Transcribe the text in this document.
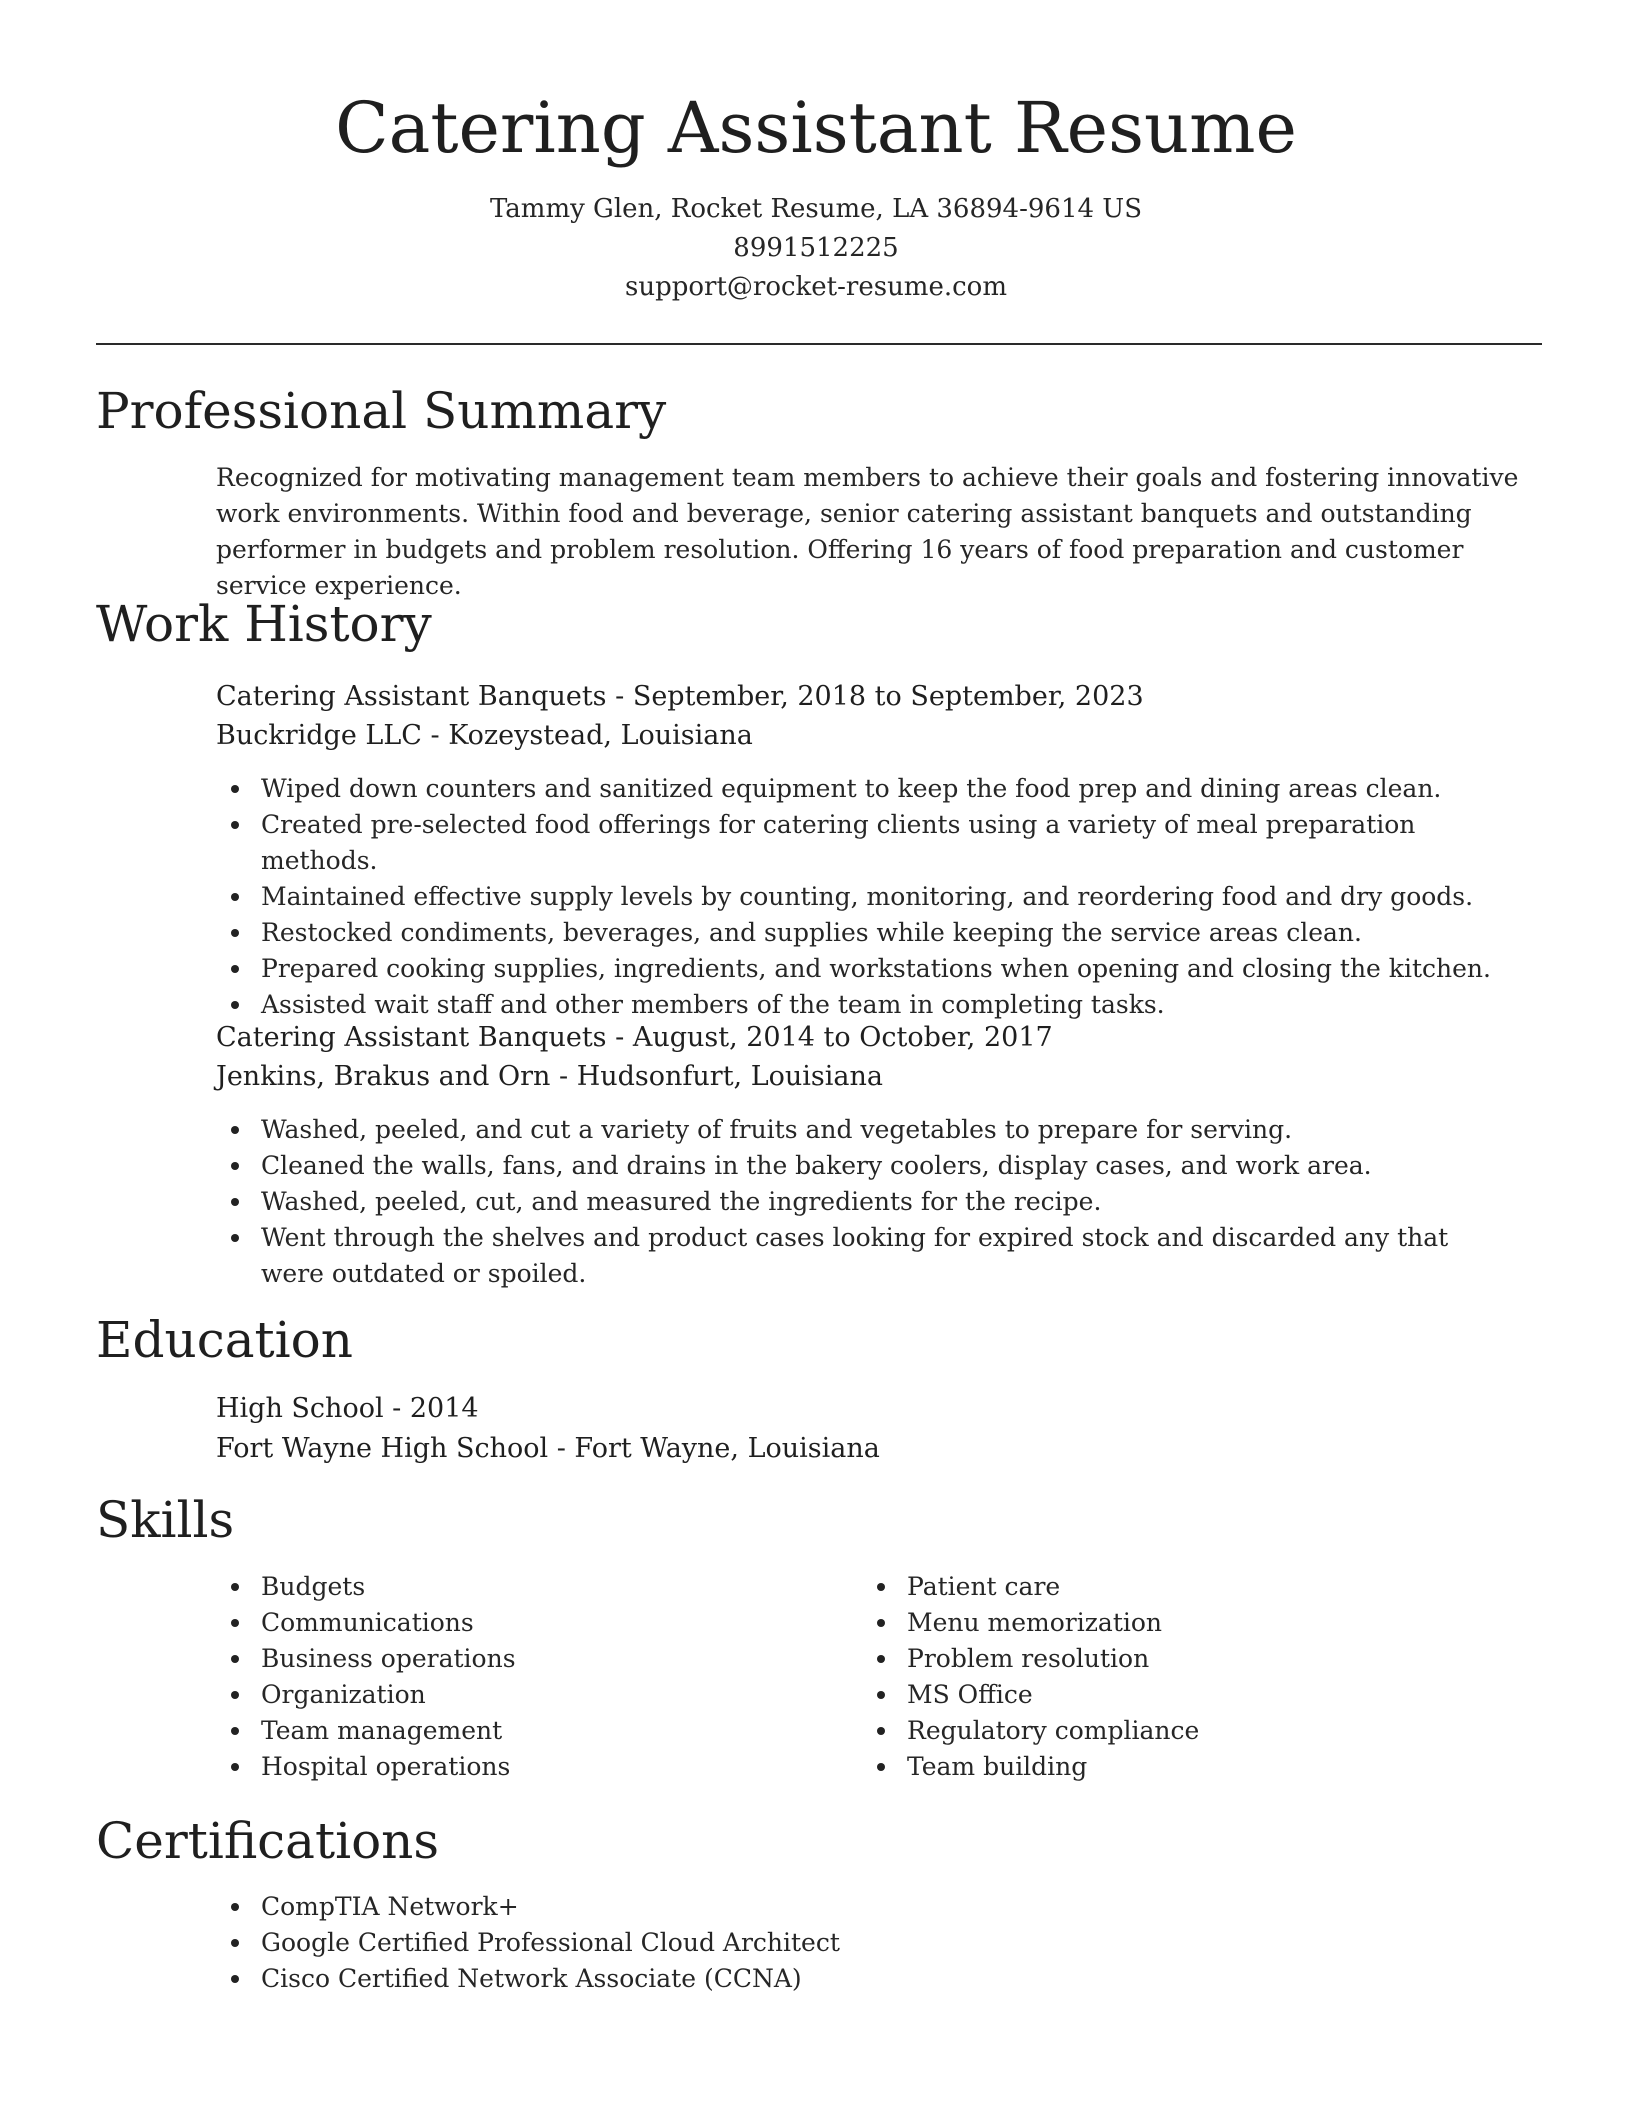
Catering Assistant Resume
Tammy Glen, Rocket Resume, LA 36894-9614 US
8991512225
support@rocket-resume.com
Professional Summary
Recognized for motivating management team members to achieve their goals and fostering innovative work environments. Within food and beverage, senior catering assistant banquets and outstanding performer in budgets and problem resolution. Offering 16 years of food preparation and customer service experience.
Work History
Catering Assistant Banquets - September, 2018 to September, 2023
Buckridge LLC - Kozeystead, Louisiana
Wiped down counters and sanitized equipment to keep the food prep and dining areas clean.
Created pre-selected food offerings for catering clients using a variety of meal preparation methods.
Maintained effective supply levels by counting, monitoring, and reordering food and dry goods.
Restocked condiments, beverages, and supplies while keeping the service areas clean.
Prepared cooking supplies, ingredients, and workstations when opening and closing the kitchen.
Assisted wait staff and other members of the team in completing tasks.
Catering Assistant Banquets - August, 2014 to October, 2017
Jenkins, Brakus and Orn - Hudsonfurt, Louisiana
Washed, peeled, and cut a variety of fruits and vegetables to prepare for serving.
Cleaned the walls, fans, and drains in the bakery coolers, display cases, and work area.
Washed, peeled, cut, and measured the ingredients for the recipe.
Went through the shelves and product cases looking for expired stock and discarded any that were outdated or spoiled.
Education
High School - 2014
Fort Wayne High School - Fort Wayne, Louisiana
Skills
Budgets
Communications
Business operations
Organization
Team management
Hospital operations
Patient care
Menu memorization
Problem resolution
MS Office
Regulatory compliance
Team building
Certifications
CompTIA Network+
Google Certified Professional Cloud Architect
Cisco Certified Network Associate (CCNA)
